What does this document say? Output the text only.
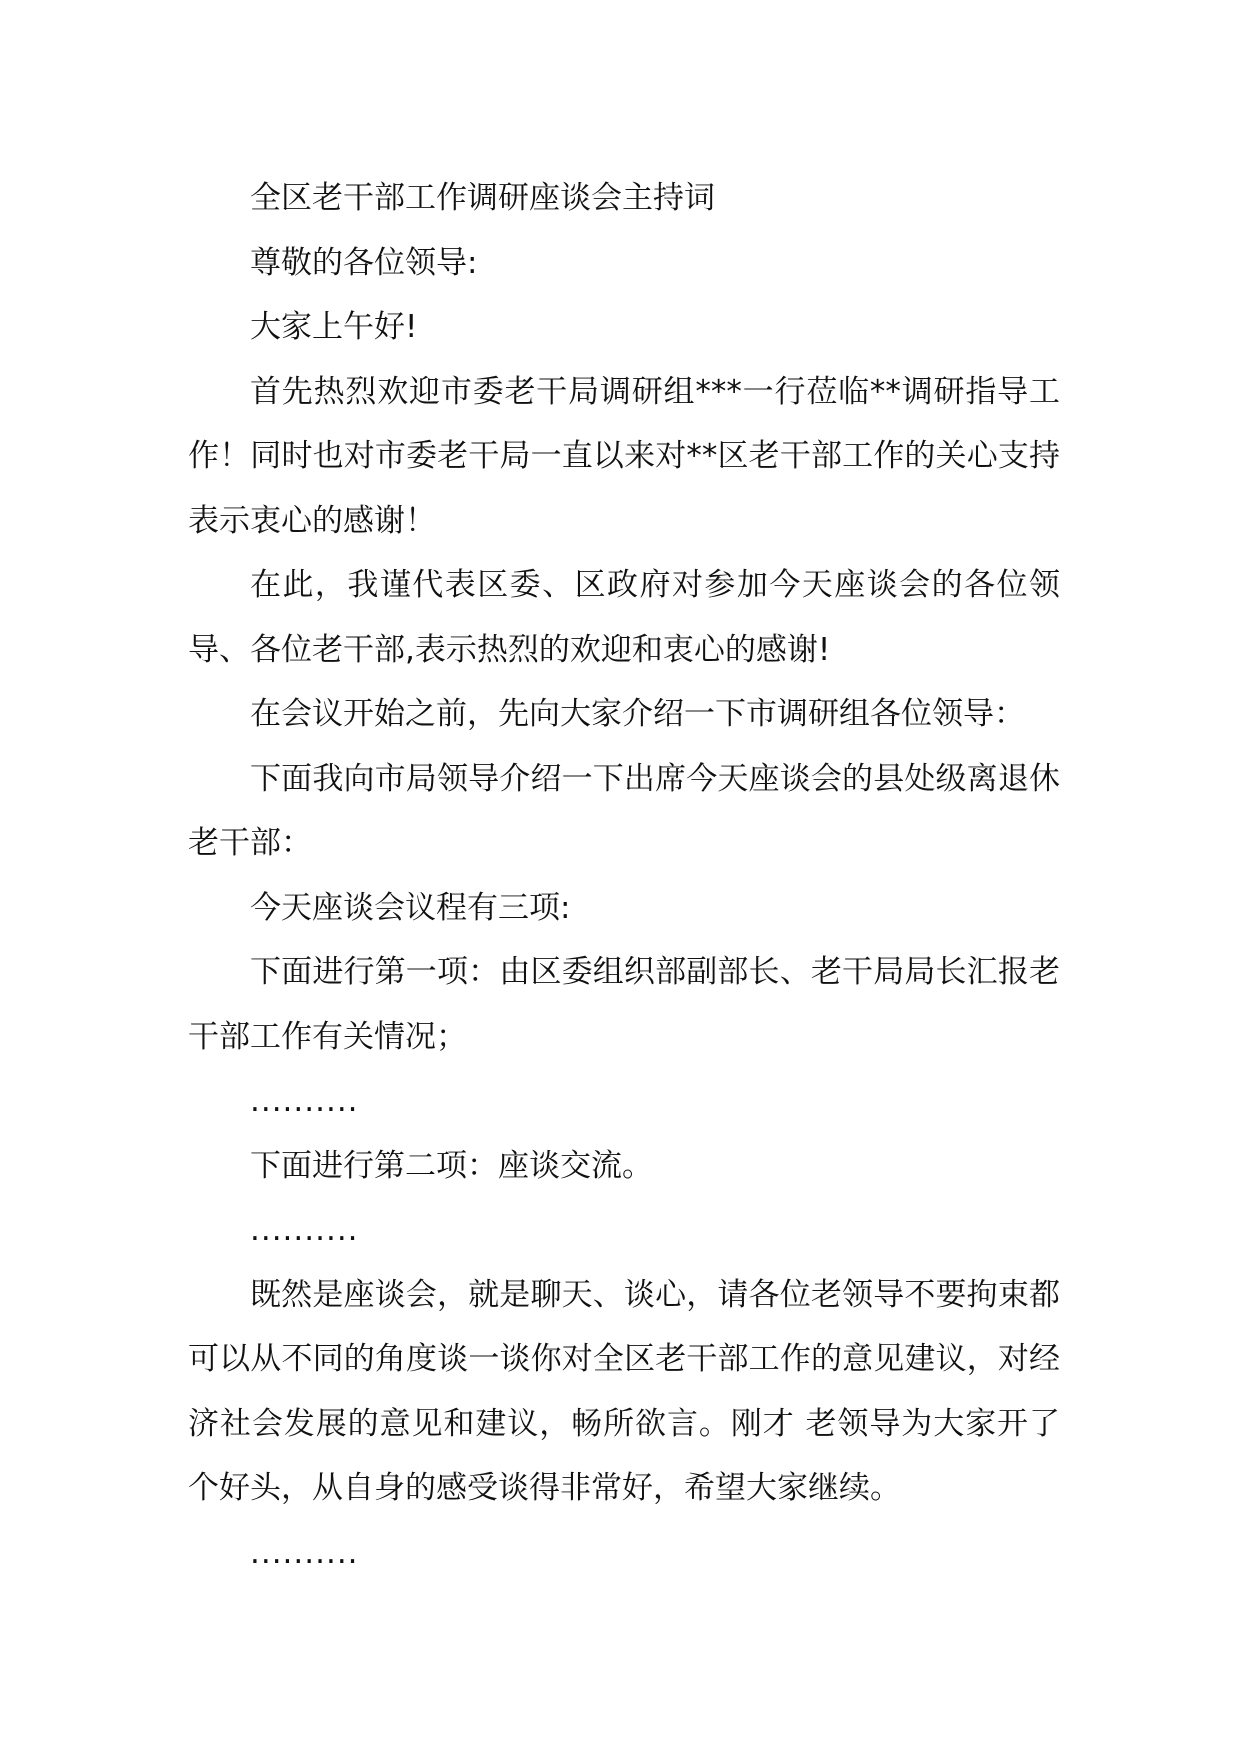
全区老干部工作调研座谈会主持词

尊敬的各位领导:

大家上午好!

首先热烈欢迎市委老干局调研组***一行莅临**调研指导工作！同时也对市委老干局一直以来对**区老干部工作的关心支持表示衷心的感谢！

在此，我谨代表区委、区政府对参加今天座谈会的各位领导、各位老干部,表示热烈的欢迎和衷心的感谢!

在会议开始之前，先向大家介绍一下市调研组各位领导：

下面我向市局领导介绍一下出席今天座谈会的县处级离退休老干部：

今天座谈会议程有三项:

下面进行第一项：由区委组织部副部长、老干局局长汇报老干部工作有关情况；

..........

下面进行第二项：座谈交流。

..........

既然是座谈会，就是聊天、谈心，请各位老领导不要拘束都可以从不同的角度谈一谈你对全区老干部工作的意见建议，对经济社会发展的意见和建议，畅所欲言。刚才 老领导为大家开了个好头，从自身的感受谈得非常好，希望大家继续。

..........
